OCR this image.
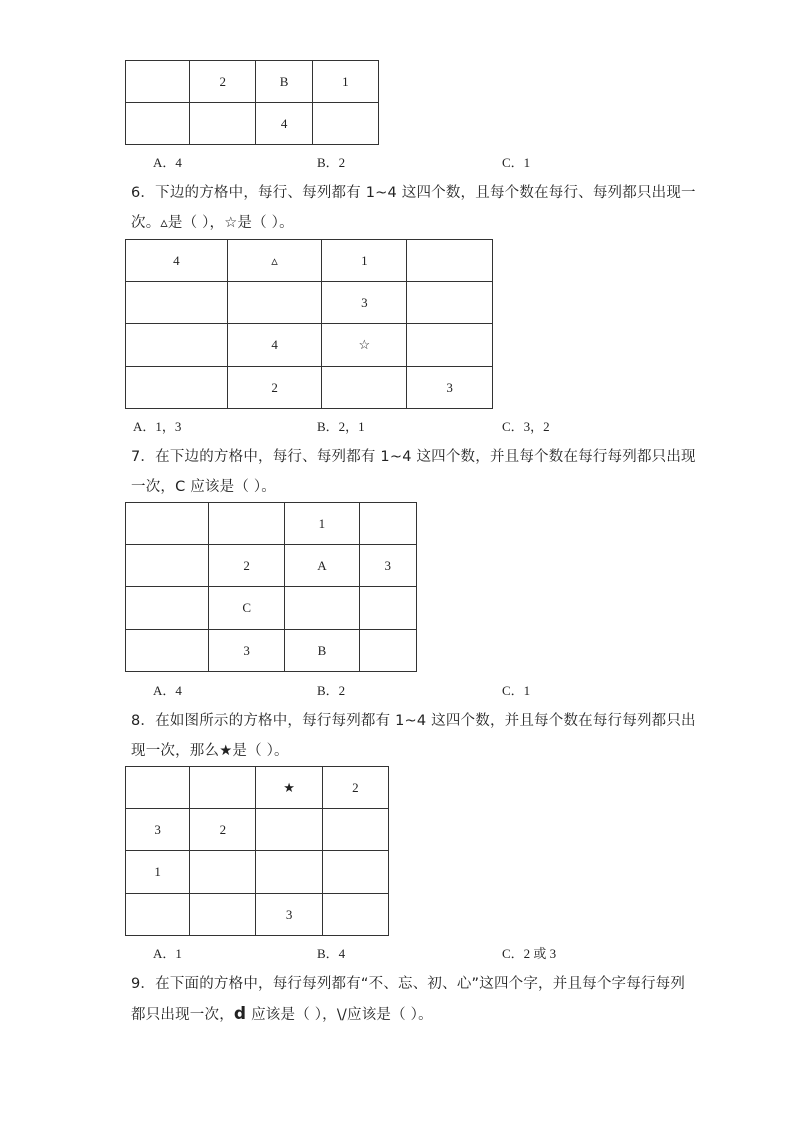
	2	B	1
		4	
A．4	B．2	C．1
6．下边的方格中，每行、每列都有 1~4 这四个数，且每个数在每行、每列都只出现一
次。▵是（ ），☆是（ ）。
4	▵	1	
		3	
	4	☆	
	2		3
A．1，3	B．2，1	C．3，2
7．在下边的方格中，每行、每列都有 1~4 这四个数，并且每个数在每行每列都只出现
一次，C 应该是（ ）。
		1	
	2	A	3
	C		
	3	B	
A．4	B．2	C．1
8．在如图所示的方格中，每行每列都有 1~4 这四个数，并且每个数在每行每列都只出
现一次，那么★是（ ）。
		★	2
3	2		
1			
		3	
A．1	B．4	C．2 或 3
9．在下面的方格中，每行每列都有“不、忘、初、心”这四个字，并且每个字每行每列
都只出现一次，d 应该是（ ），\/应该是（ ）。
